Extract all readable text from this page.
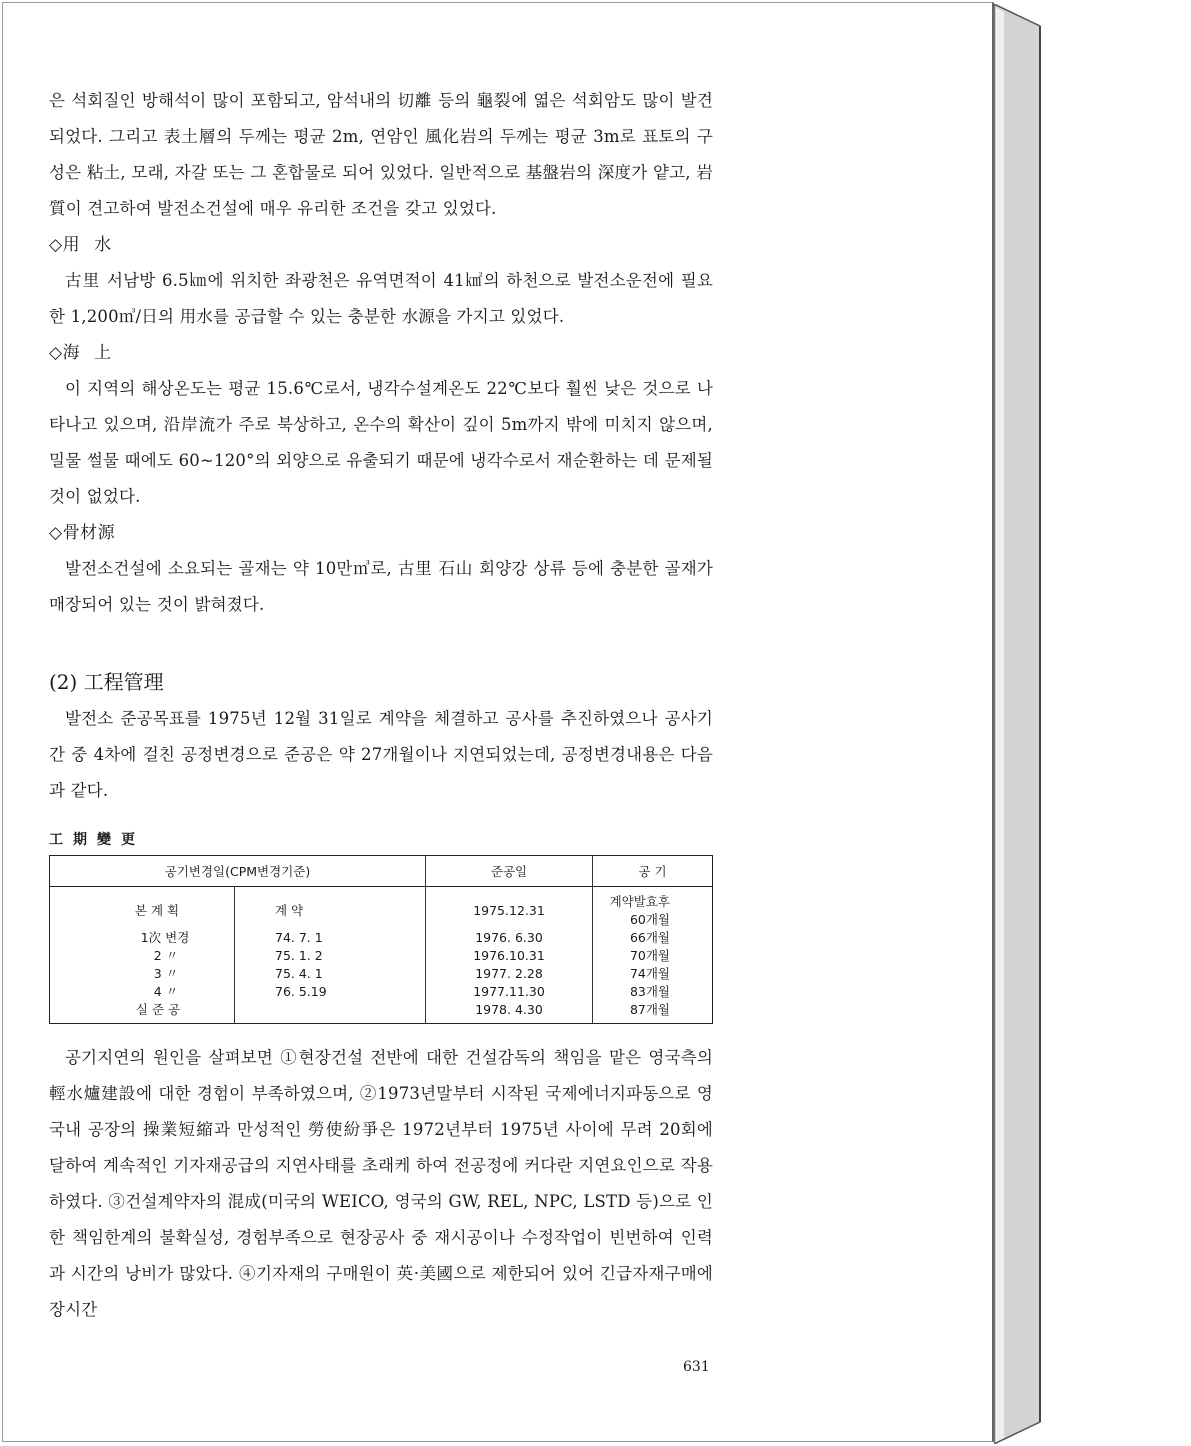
은 석회질인 방해석이 많이 포함되고, 암석내의 切離 등의 龜裂에 엷은 석회암도 많이 발견되었다. 그리고 表土層의 두께는 평균 2m, 연암인 風化岩의 두께는 평균 3m로 표토의 구성은 粘土, 모래, 자갈 또는 그 혼합물로 되어 있었다. 일반적으로 基盤岩의 深度가 얕고, 岩質이 견고하여 발전소건설에 매우 유리한 조건을 갖고 있었다.

◇用 水

古里 서남방 6.5㎞에 위치한 좌광천은 유역면적이 41㎢의 하천으로 발전소운전에 필요한 1,200㎥/日의 用水를 공급할 수 있는 충분한 水源을 가지고 있었다.

◇海 上

이 지역의 해상온도는 평균 15.6℃로서, 냉각수설계온도 22℃보다 훨씬 낮은 것으로 나타나고 있으며, 沿岸流가 주로 북상하고, 온수의 확산이 깊이 5m까지 밖에 미치지 않으며, 밀물 썰물 때에도 60~120°의 외양으로 유출되기 때문에 냉각수로서 재순환하는 데 문제될 것이 없었다.

◇骨材源

발전소건설에 소요되는 골재는 약 10만㎥로, 古里 石山 회양강 상류 등에 충분한 골재가 매장되어 있는 것이 밝혀졌다.

(2) 工程管理

발전소 준공목표를 1975년 12월 31일로 계약을 체결하고 공사를 추진하였으나 공사기간 중 4차에 걸친 공정변경으로 준공은 약 27개월이나 지연되었는데, 공정변경내용은 다음과 같다.

工期變更

공기변경일(CPM변경기준)		준공일	공 기
본 계 획	계 약	1975.12.31	계약발효후 60개월
1次 변경	74. 7. 1	1976. 6.30	66개월
2 〃	75. 1. 2	1976.10.31	70개월
3 〃	75. 4. 1	1977. 2.28	74개월
4 〃	76. 5.19	1977.11.30	83개월
실 준 공		1978. 4.30	87개월

공기지연의 원인을 살펴보면 ①현장건설 전반에 대한 건설감독의 책임을 맡은 영국측의 輕水爐建設에 대한 경험이 부족하였으며, ②1973년말부터 시작된 국제에너지파동으로 영국내 공장의 操業短縮과 만성적인 勞使紛爭은 1972년부터 1975년 사이에 무려 20회에 달하여 계속적인 기자재공급의 지연사태를 초래케 하여 전공정에 커다란 지연요인으로 작용하였다. ③건설계약자의 混成(미국의 WEICO, 영국의 GW, REL, NPC, LSTD 등)으로 인한 책임한계의 불확실성, 경험부족으로 현장공사 중 재시공이나 수정작업이 빈번하여 인력과 시간의 낭비가 많았다. ④기자재의 구매원이 英·美國으로 제한되어 있어 긴급자재구매에 장시간

631
